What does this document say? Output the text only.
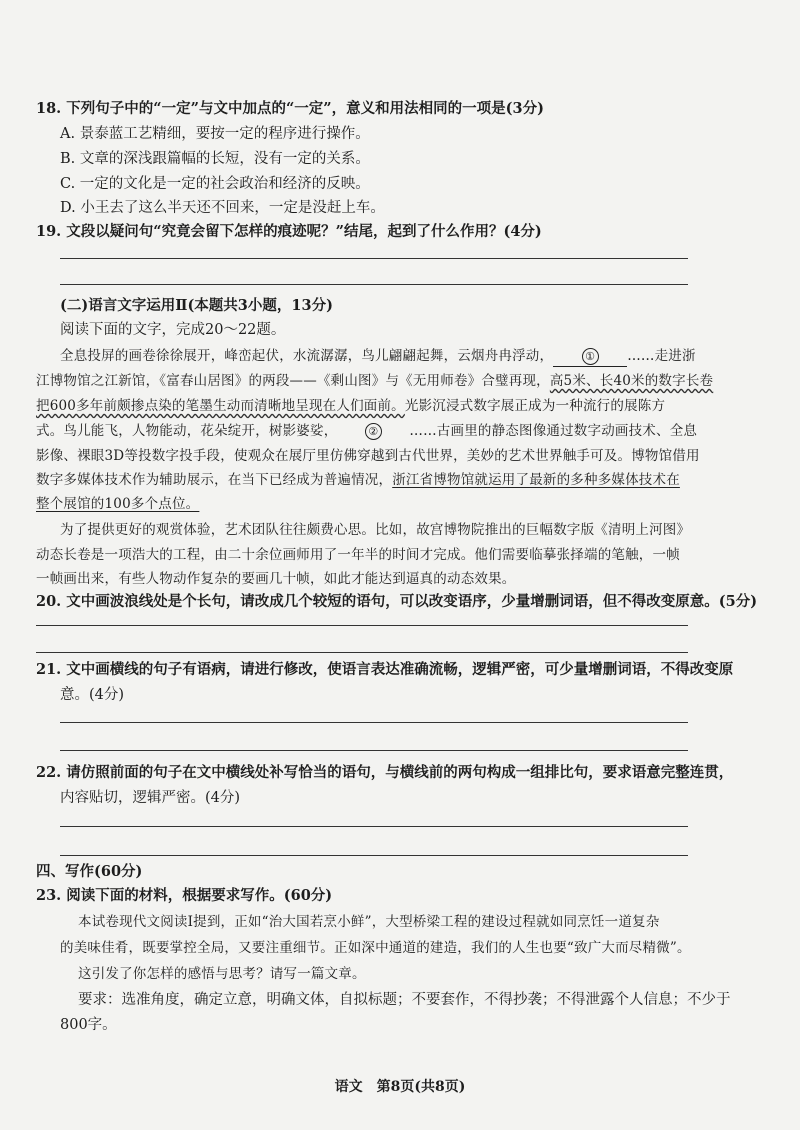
18. 下列句子中的“一定”与文中加点的“一定”，意义和用法相同的一项是(3分)
A. 景泰蓝工艺精细，要按一定的程序进行操作。
B. 文章的深浅跟篇幅的长短，没有一定的关系。
C. 一定的文化是一定的社会政治和经济的反映。
D. 小王去了这么半天还不回来，一定是没赶上车。
19. 文段以疑问句“究竟会留下怎样的痕迹呢？”结尾，起到了什么作用？(4分)
(二)语言文字运用Ⅱ(本题共3小题，13分)
阅读下面的文字，完成20～22题。
全息投屏的画卷徐徐展开，峰峦起伏，水流潺潺，鸟儿翩翩起舞，云烟舟冉浮动，	① ……走进浙
江博物馆之江新馆，《富春山居图》的两段——《剩山图》与《无用师卷》合璧再现，高5米、长40米的数字长卷
把600多年前颇掺点染的笔墨生动而清晰地呈现在人们面前。光影沉浸式数字展正成为一种流行的展陈方
式。鸟儿能飞，人物能动，花朵绽开，树影婆娑，	② ……古画里的静态图像通过数字动画技术、全息
影像、裸眼3D等投数字投手段，使观众在展厅里仿佛穿越到古代世界，美妙的艺术世界触手可及。博物馆借用
数字多媒体技术作为辅助展示，在当下已经成为普遍情况，浙江省博物馆就运用了最新的多种多媒体技术在
整个展馆的100多个点位。
为了提供更好的观赏体验，艺术团队往往颇费心思。比如，故宫博物院推出的巨幅数字版《清明上河图》
动态长卷是一项浩大的工程，由二十余位画师用了一年半的时间才完成。他们需要临摹张择端的笔触，一帧
一帧画出来，有些人物动作复杂的要画几十帧，如此才能达到逼真的动态效果。
20. 文中画波浪线处是个长句，请改成几个较短的语句，可以改变语序，少量增删词语，但不得改变原意。(5分)
21. 文中画横线的句子有语病，请进行修改，使语言表达准确流畅，逻辑严密，可少量增删词语，不得改变原
意。(4分)
22. 请仿照前面的句子在文中横线处补写恰当的语句，与横线前的两句构成一组排比句，要求语意完整连贯，
内容贴切，逻辑严密。(4分)
四、写作(60分)
23. 阅读下面的材料，根据要求写作。(60分)
本试卷现代文阅读Ⅰ提到，正如“治大国若烹小鲜”，大型桥梁工程的建设过程就如同烹饪一道复杂
的美味佳肴，既要掌控全局，又要注重细节。正如深中通道的建造，我们的人生也要“致广大而尽精微”。
这引发了你怎样的感悟与思考？请写一篇文章。
要求：选准角度，确定立意，明确文体，自拟标题；不要套作，不得抄袭；不得泄露个人信息；不少于
800字。
语文　第8页(共8页)
